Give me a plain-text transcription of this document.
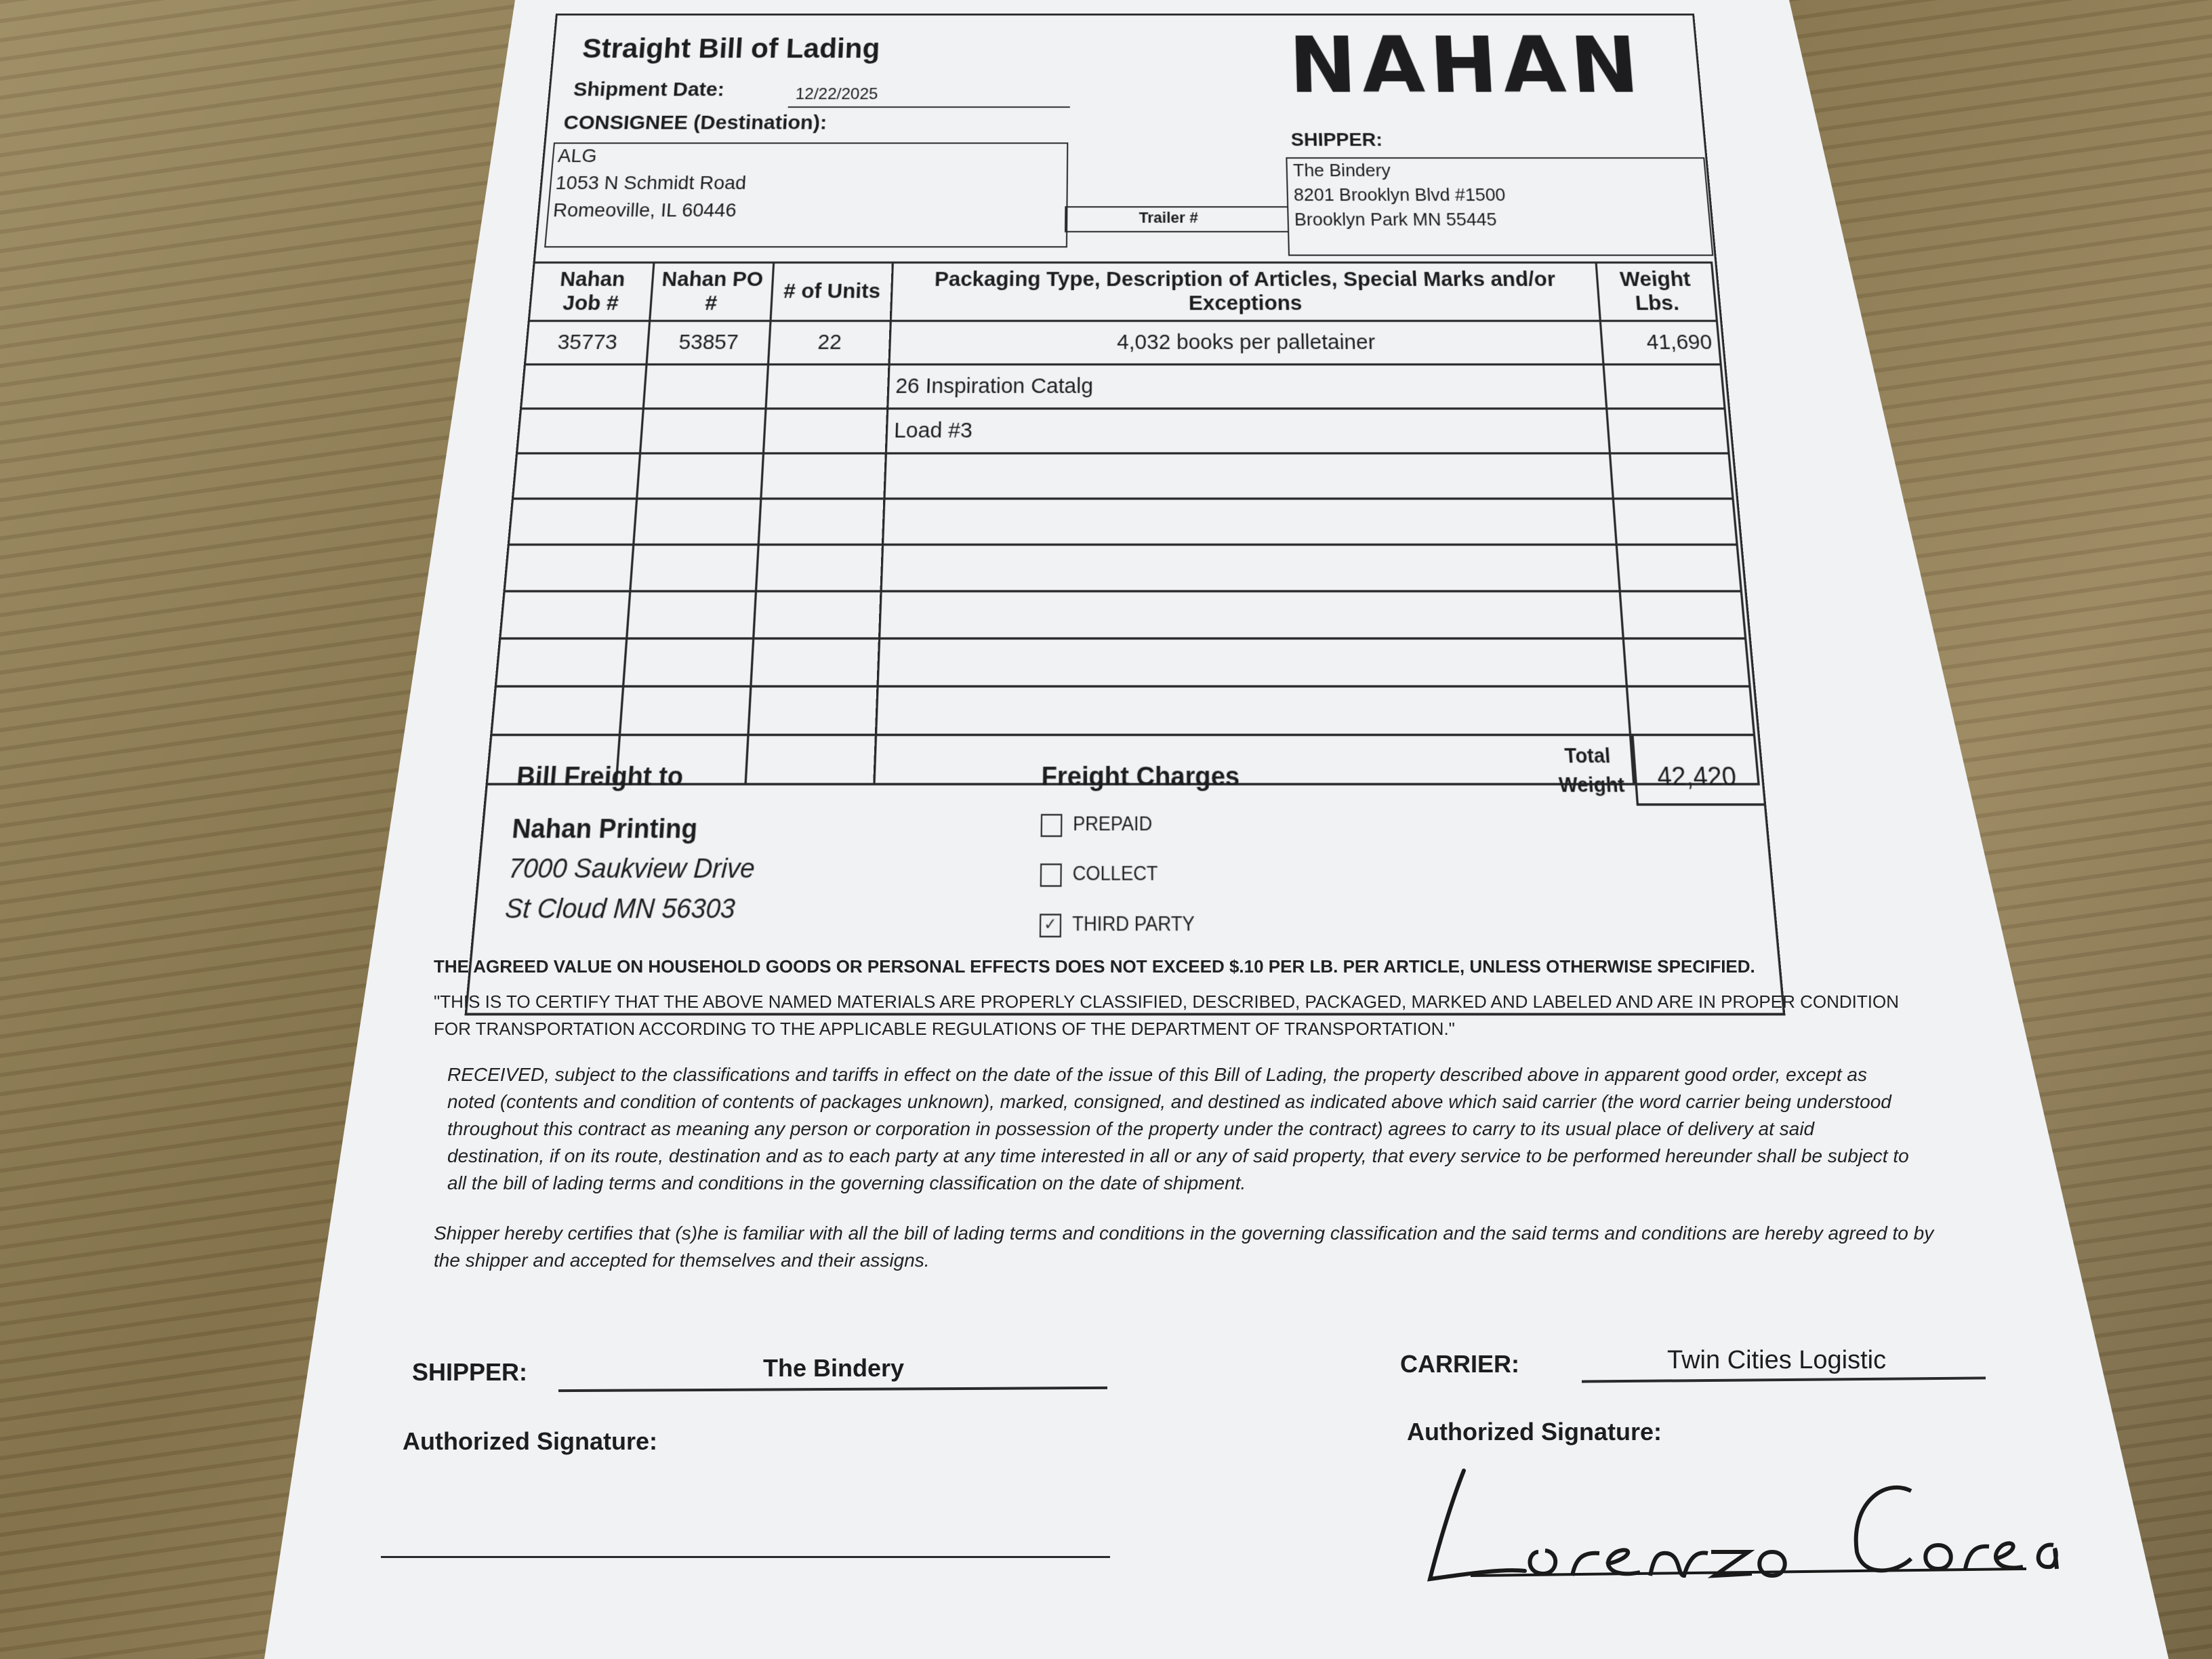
Straight Bill of Lading	NAHAN
Shipment Date:	12/22/2025
CONSIGNEE (Destination):
ALG
1053 N Schmidt Road
Romeoville, IL 60446	Trailer #
SHIPPER:
The Bindery
8201 Brooklyn Blvd #1500
Brooklyn Park MN 55445
Nahan Job #	Nahan PO #	# of Units	Packaging Type, Description of Articles, Special Marks and/or Exceptions	Weight Lbs.
35773	53857	22	4,032 books per palletainer	41,690
			26 Inspiration Catalg	
			Load #3	

Total
Weight 42,420
Bill Freight to
Nahan Printing
7000 Saukview Drive
St Cloud MN 56303
Freight Charges
PREPAID
COLLECT
✓ THIRD PARTY
THE AGREED VALUE ON HOUSEHOLD GOODS OR PERSONAL EFFECTS DOES NOT EXCEED $.10 PER LB. PER ARTICLE, UNLESS OTHERWISE SPECIFIED.
"THIS IS TO CERTIFY THAT THE ABOVE NAMED MATERIALS ARE PROPERLY CLASSIFIED, DESCRIBED, PACKAGED, MARKED AND LABELED AND ARE IN PROPER CONDITION FOR TRANSPORTATION ACCORDING TO THE APPLICABLE REGULATIONS OF THE DEPARTMENT OF TRANSPORTATION."
RECEIVED, subject to the classifications and tariffs in effect on the date of the issue of this Bill of Lading, the property described above in apparent good order, except as noted (contents and condition of contents of packages unknown), marked, consigned, and destined as indicated above which said carrier (the word carrier being understood throughout this contract as meaning any person or corporation in possession of the property under the contract) agrees to carry to its usual place of delivery at said destination, if on its route, destination and as to each party at any time interested in all or any of said property, that every service to be performed hereunder shall be subject to all the bill of lading terms and conditions in the governing classification on the date of shipment.
Shipper hereby certifies that (s)he is familiar with all the bill of lading terms and conditions in the governing classification and the said terms and conditions are hereby agreed to by the shipper and accepted for themselves and their assigns.
SHIPPER:	The Bindery	CARRIER:	Twin Cities Logistic
Authorized Signature:	Authorized Signature:
